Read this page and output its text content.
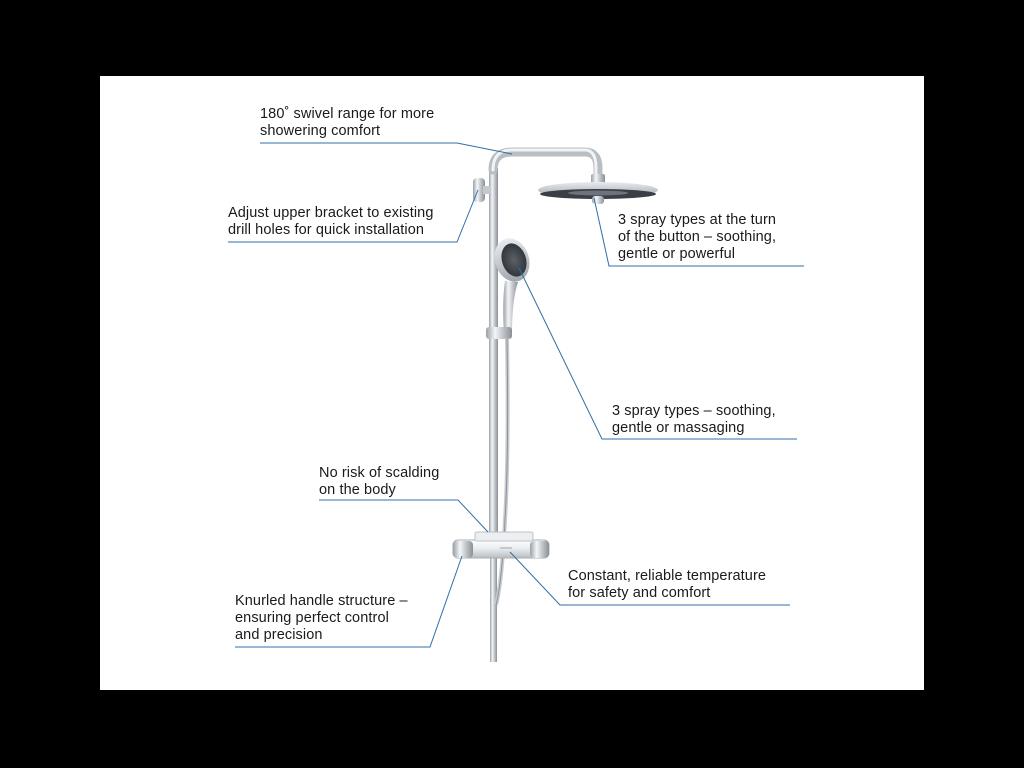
180˚ swivel range for more
showering comfort
Adjust upper bracket to existing
drill holes for quick installation
3 spray types at the turn
of the button – soothing,
gentle or powerful
3 spray types – soothing,
gentle or massaging
No risk of scalding
on the body
Constant, reliable temperature
for safety and comfort
Knurled handle structure –
ensuring perfect control
and precision
